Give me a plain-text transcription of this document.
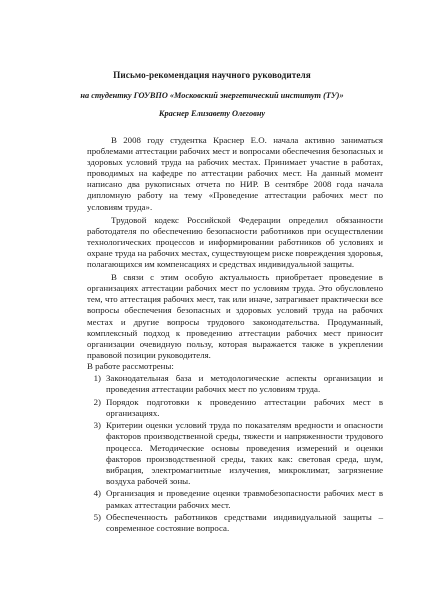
Письмо-рекомендация научного руководителя
на студентку ГОУВПО «Московский энергетический институт (ТУ)»
Краснер Елизавету Олеговну

В 2008 году студентка Краснер Е.О. начала активно заниматься проблемами аттестации рабочих мест и вопросами обеспечения безопасных и здоровых условий труда на рабочих местах. Принимает участие в работах, проводимых на кафедре по аттестации рабочих мест. На данный момент написано два рукописных отчета по НИР. В сентябре 2008 года начала дипломную работу на тему «Проведение аттестации рабочих мест по условиям труда».

Трудовой кодекс Российской Федерации определил обязанности работодателя по обеспечению безопасности работников при осуществлении технологических процессов и информировании работников об условиях и охране труда на рабочих местах, существующем риске повреждения здоровья, полагающихся им компенсациях и средствах индивидуальной защиты.

В связи с этим особую актуальность приобретает проведение в организациях аттестации рабочих мест по условиям труда. Это обусловлено тем, что аттестация рабочих мест, так или иначе, затрагивает практически все вопросы обеспечения безопасных и здоровых условий труда на рабочих местах и другие вопросы трудового законодательства. Продуманный, комплексный подход к проведению аттестации рабочих мест приносит организации очевидную пользу, которая выражается также в укреплении правовой позиции руководителя.

В работе рассмотрены:

1) Законодательная база и методологические аспекты организации и проведения аттестации рабочих мест по условиям труда.
2) Порядок подготовки к проведению аттестации рабочих мест в организациях.
3) Критерии оценки условий труда по показателям вредности и опасности факторов производственной среды, тяжести и напряженности трудового процесса. Методические основы проведения измерений и оценки факторов производственной среды, таких как: световая среда, шум, вибрация, электромагнитные излучения, микроклимат, загрязнение воздуха рабочей зоны.
4) Организация и проведение оценки травмобезопасности рабочих мест в рамках аттестации рабочих мест.
5) Обеспеченность работников средствами индивидуальной защиты – современное состояние вопроса.
